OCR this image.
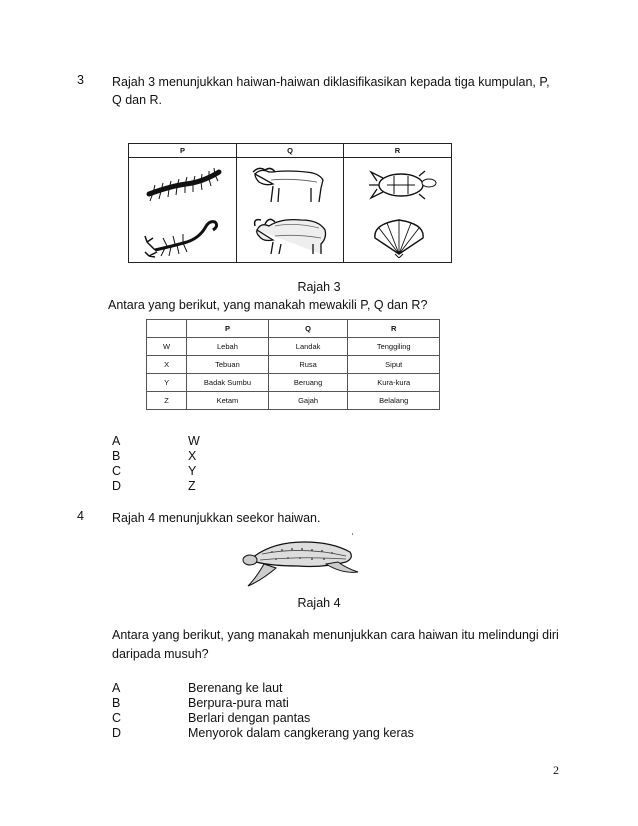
3 Rajah 3 menunjukkan haiwan-haiwan diklasifikasikan kepada tiga kumpulan, P,
Q dan R.
P	Q	R
Rajah 3
Antara yang berikut, yang manakah mewakili P, Q dan R?
	P	Q	R
W	Lebah	Landak	Tenggiling
X	Tebuan	Rusa	Siput
Y	Badak Sumbu	Beruang	Kura-kura
Z	Ketam	Gajah	Belalang
A	W
B	X
C	Y
D	Z
4 Rajah 4 menunjukkan seekor haiwan.
Rajah 4
Antara yang berikut, yang manakah menunjukkan cara haiwan itu melindungi diri
daripada musuh?
A	Berenang ke laut
B	Berpura-pura mati
C	Berlari dengan pantas
D	Menyorok dalam cangkerang yang keras
2
